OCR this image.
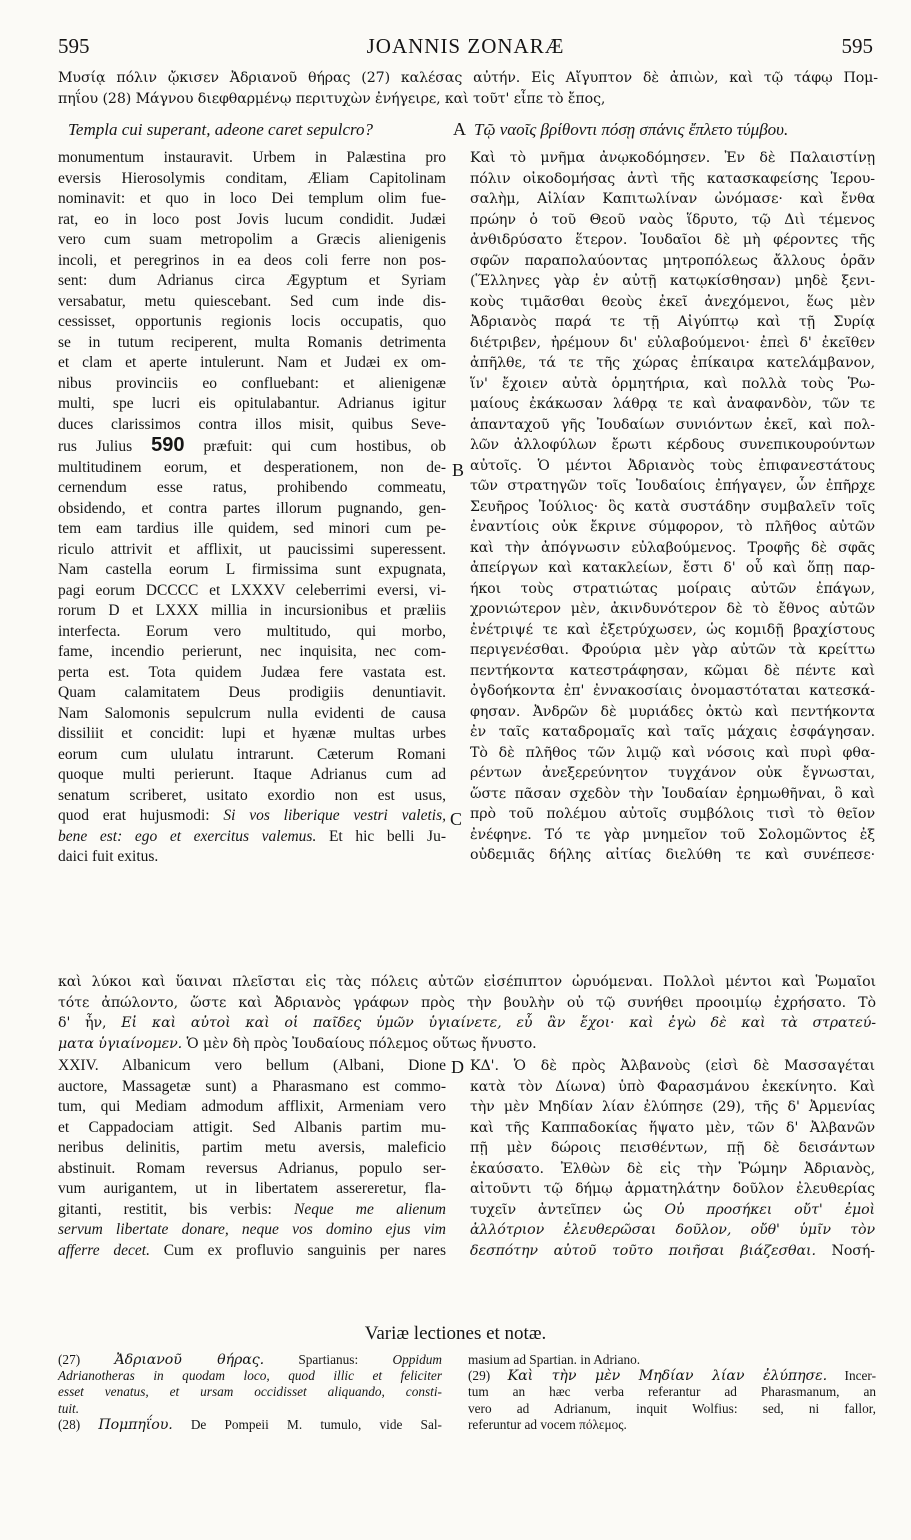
595	JOANNIS ZONARÆ	595
Μυσίᾳ πόλιν ᾤκισεν Ἀδριανοῦ θήρας (27) καλέσας αὐτήν. Εἰς Αἴγυπτον δὲ ἀπιὼν, καὶ τῷ τάφῳ Πομ-
πηΐου (28) Μάγνου διεφθαρμένῳ περιτυχὼν ἐνήγειρε, καὶ τοῦτ' εἶπε τὸ ἔπος,
Templa cui superant, adeone caret sepulcro?	A Τῷ ναοῖς βρίθοντι πόσῃ σπάνις ἔπλετο τύμβου.
monumentum instauravit. Urbem in Palæstina pro
eversis Hierosolymis conditam, Æliam Capitolinam
nominavit: et quo in loco Dei templum olim fue-
rat, eo in loco post Jovis lucum condidit. Judæi
vero cum suam metropolim a Græcis alienigenis
incoli, et peregrinos in ea deos coli ferre non pos-
sent: dum Adrianus circa Ægyptum et Syriam
versabatur, metu quiescebant. Sed cum inde dis-
cessisset, opportunis regionis locis occupatis, quo
se in tutum reciperent, multa Romanis detrimenta
et clam et aperte intulerunt. Nam et Judæi ex om-
nibus provinciis eo confluebant: et alienigenæ
multi, spe lucri eis opitulabantur. Adrianus igitur
duces clarissimos contra illos misit, quibus Seve-
rus Julius 590 præfuit: qui cum hostibus, ob
multitudinem eorum, et desperationem, non de-
cernendum esse ratus, prohibendo commeatu,
obsidendo, et contra partes illorum pugnando, gen-
tem eam tardius ille quidem, sed minori cum pe-
riculo attrivit et afflixit, ut paucissimi superessent.
Nam castella eorum L firmissima sunt expugnata,
pagi eorum DCCCC et LXXXV celeberrimi eversi, vi-
rorum D et LXXX millia in incursionibus et præliis
interfecta. Eorum vero multitudo, qui morbo,
fame, incendio perierunt, nec inquisita, nec com-
perta est. Tota quidem Judæa fere vastata est.
Quam calamitatem Deus prodigiis denuntiavit.
Nam Salomonis sepulcrum nulla evidenti de causa
dissiliit et concidit: lupi et hyænæ multas urbes
eorum cum ululatu intrarunt. Cæterum Romani
quoque multi perierunt. Itaque Adrianus cum ad
senatum scriberet, usitato exordio non est usus,
quod erat hujusmodi: Si vos liberique vestri valetis,
bene est: ego et exercitus valemus. Et hic belli Ju-
daici fuit exitus.
B
C
Καὶ τὸ μνῆμα ἀνῳκοδόμησεν. Ἐν δὲ Παλαιστίνῃ
πόλιν οἰκοδομήσας ἀντὶ τῆς κατασκαφείσης Ἱερου-
σαλὴμ, Αἰλίαν Καπιτωλίναν ὠνόμασε· καὶ ἔνθα
πρώην ὁ τοῦ Θεοῦ ναὸς ἵδρυτο, τῷ Διὶ τέμενος
ἀνθιδρύσατο ἕτερον. Ἰουδαῖοι δὲ μὴ φέροντες τῆς
σφῶν παραπολαύοντας μητροπόλεως ἄλλους ὁρᾶν
(Ἕλληνες γὰρ ἐν αὐτῇ κατῳκίσθησαν) μηδὲ ξενι-
κοὺς τιμᾶσθαι θεοὺς ἐκεῖ ἀνεχόμενοι, ἕως μὲν
Ἀδριανὸς παρά τε τῇ Αἰγύπτῳ καὶ τῇ Συρίᾳ
διέτριβεν, ἠρέμουν δι' εὐλαβούμενοι· ἐπεὶ δ' ἐκεῖθεν
ἀπῆλθε, τά τε τῆς χώρας ἐπίκαιρα κατελάμβανον,
ἵν' ἔχοιεν αὐτὰ ὁρμητήρια, καὶ πολλὰ τοὺς Ῥω-
μαίους ἐκάκωσαν λάθρᾳ τε καὶ ἀναφανδὸν, τῶν τε
ἁπανταχοῦ γῆς Ἰουδαίων συνιόντων ἐκεῖ, καὶ πολ-
λῶν ἀλλοφύλων ἔρωτι κέρδους συνεπικουρούντων
αὐτοῖς. Ὁ μέντοι Ἀδριανὸς τοὺς ἐπιφανεστάτους
τῶν στρατηγῶν τοῖς Ἰουδαίοις ἐπήγαγεν, ὧν ἐπῆρχε
Σευῆρος Ἰούλιος· ὃς κατὰ συστάδην συμβαλεῖν τοῖς
ἐναντίοις οὐκ ἔκρινε σύμφορον, τὸ πλῆθος αὐτῶν
καὶ τὴν ἀπόγνωσιν εὐλαβούμενος. Τροφῆς δὲ σφᾶς
ἀπείργων καὶ κατακλείων, ἔστι δ' οὗ καὶ ὅπῃ παρ-
ήκοι τοὺς στρατιώτας μοίραις αὐτῶν ἐπάγων,
χρονιώτερον μὲν, ἀκινδυνότερον δὲ τὸ ἔθνος αὐτῶν
ἐνέτριψέ τε καὶ ἐξετρύχωσεν, ὡς κομιδῇ βραχίστους
περιγενέσθαι. Φρούρια μὲν γὰρ αὐτῶν τὰ κρείττω
πεντήκοντα κατεστράφησαν, κῶμαι δὲ πέντε καὶ
ὀγδοήκοντα ἐπ' ἐννακοσίαις ὀνομαστόταται κατεσκά-
φησαν. Ἀνδρῶν δὲ μυριάδες ὀκτὼ καὶ πεντήκοντα
ἐν ταῖς καταδρομαῖς καὶ ταῖς μάχαις ἐσφάγησαν.
Τὸ δὲ πλῆθος τῶν λιμῷ καὶ νόσοις καὶ πυρὶ φθα-
ρέντων ἀνεξερεύνητον τυγχάνον οὐκ ἔγνωσται,
ὥστε πᾶσαν σχεδὸν τὴν Ἰουδαίαν ἐρημωθῆναι, ὃ καὶ
πρὸ τοῦ πολέμου αὐτοῖς συμβόλοις τισὶ τὸ θεῖον
ἐνέφηνε. Τό τε γὰρ μνημεῖον τοῦ Σολομῶντος ἐξ
οὐδεμιᾶς δήλης αἰτίας διελύθη τε καὶ συνέπεσε·
καὶ λύκοι καὶ ὕαιναι πλεῖσται εἰς τὰς πόλεις αὐτῶν εἰσέπιπτον ὠρυόμεναι. Πολλοὶ μέντοι καὶ Ῥωμαῖοι
τότε ἀπώλοντο, ὥστε καὶ Ἀδριανὸς γράφων πρὸς τὴν βουλὴν οὐ τῷ συνήθει προοιμίῳ ἐχρήσατο. Τὸ
δ' ἦν, Εἰ καὶ αὐτοὶ καὶ οἱ παῖδες ὑμῶν ὑγιαίνετε, εὖ ἂν ἔχοι· καὶ ἐγὼ δὲ καὶ τὰ στρατεύ-
ματα ὑγιαίνομεν. Ὁ μὲν δὴ πρὸς Ἰουδαίους πόλεμος οὕτως ἤνυστο.
D
XXIV. Albanicum vero bellum (Albani, Dione
auctore, Massagetæ sunt) a Pharasmano est commo-
tum, qui Mediam admodum afflixit, Armeniam vero
et Cappadociam attigit. Sed Albanis partim mu-
neribus delinitis, partim metu aversis, maleficio
abstinuit. Romam reversus Adrianus, populo ser-
vum aurigantem, ut in libertatem assereretur, fla-
gitanti, restitit, bis verbis: Neque me alienum
servum libertate donare, neque vos domino ejus vim
afferre decet. Cum ex profluvio sanguinis per nares
ΚΔ'. Ὁ δὲ πρὸς Ἀλβανοὺς (εἰσὶ δὲ Μασσαγέται
κατὰ τὸν Δίωνα) ὑπὸ Φαρασμάνου ἐκεκίνητο. Καὶ
τὴν μὲν Μηδίαν λίαν ἐλύπησε (29), τῆς δ' Ἀρμενίας
καὶ τῆς Καππαδοκίας ἥψατο μὲν, τῶν δ' Ἀλβανῶν
πῇ μὲν δώροις πεισθέντων, πῇ δὲ δεισάντων
ἐκαύσατο. Ἐλθὼν δὲ εἰς τὴν Ῥώμην Ἀδριανὸς,
αἰτοῦντι τῷ δήμῳ ἁρματηλάτην δοῦλον ἐλευθερίας
τυχεῖν ἀντεῖπεν ὡς Οὐ προσήκει οὔτ' ἐμοὶ
ἀλλότριον ἐλευθερῶσαι δοῦλον, οὔθ' ὑμῖν τὸν
δεσπότην αὐτοῦ τοῦτο ποιῆσαι βιάζεσθαι. Νοσή-
Variæ lectiones et notæ.
(27) Ἀδριανοῦ θήρας. Spartianus:	Oppidum
Adrianotheras in quodam loco, quod illic et feliciter
esset venatus, et ursam occidisset aliquando, consti-
tuit.
(28) Πομπηΐου. De Pompeii M. tumulo, vide Sal-
masium ad Spartian. in Adriano.
(29) Καὶ τὴν μὲν Μηδίαν λίαν ἐλύπησε. Incer-
tum an hæc verba referantur ad Pharasmanum, an
vero ad Adrianum, inquit Wolfius: sed, ni fallor,
referuntur ad vocem πόλεμος.
